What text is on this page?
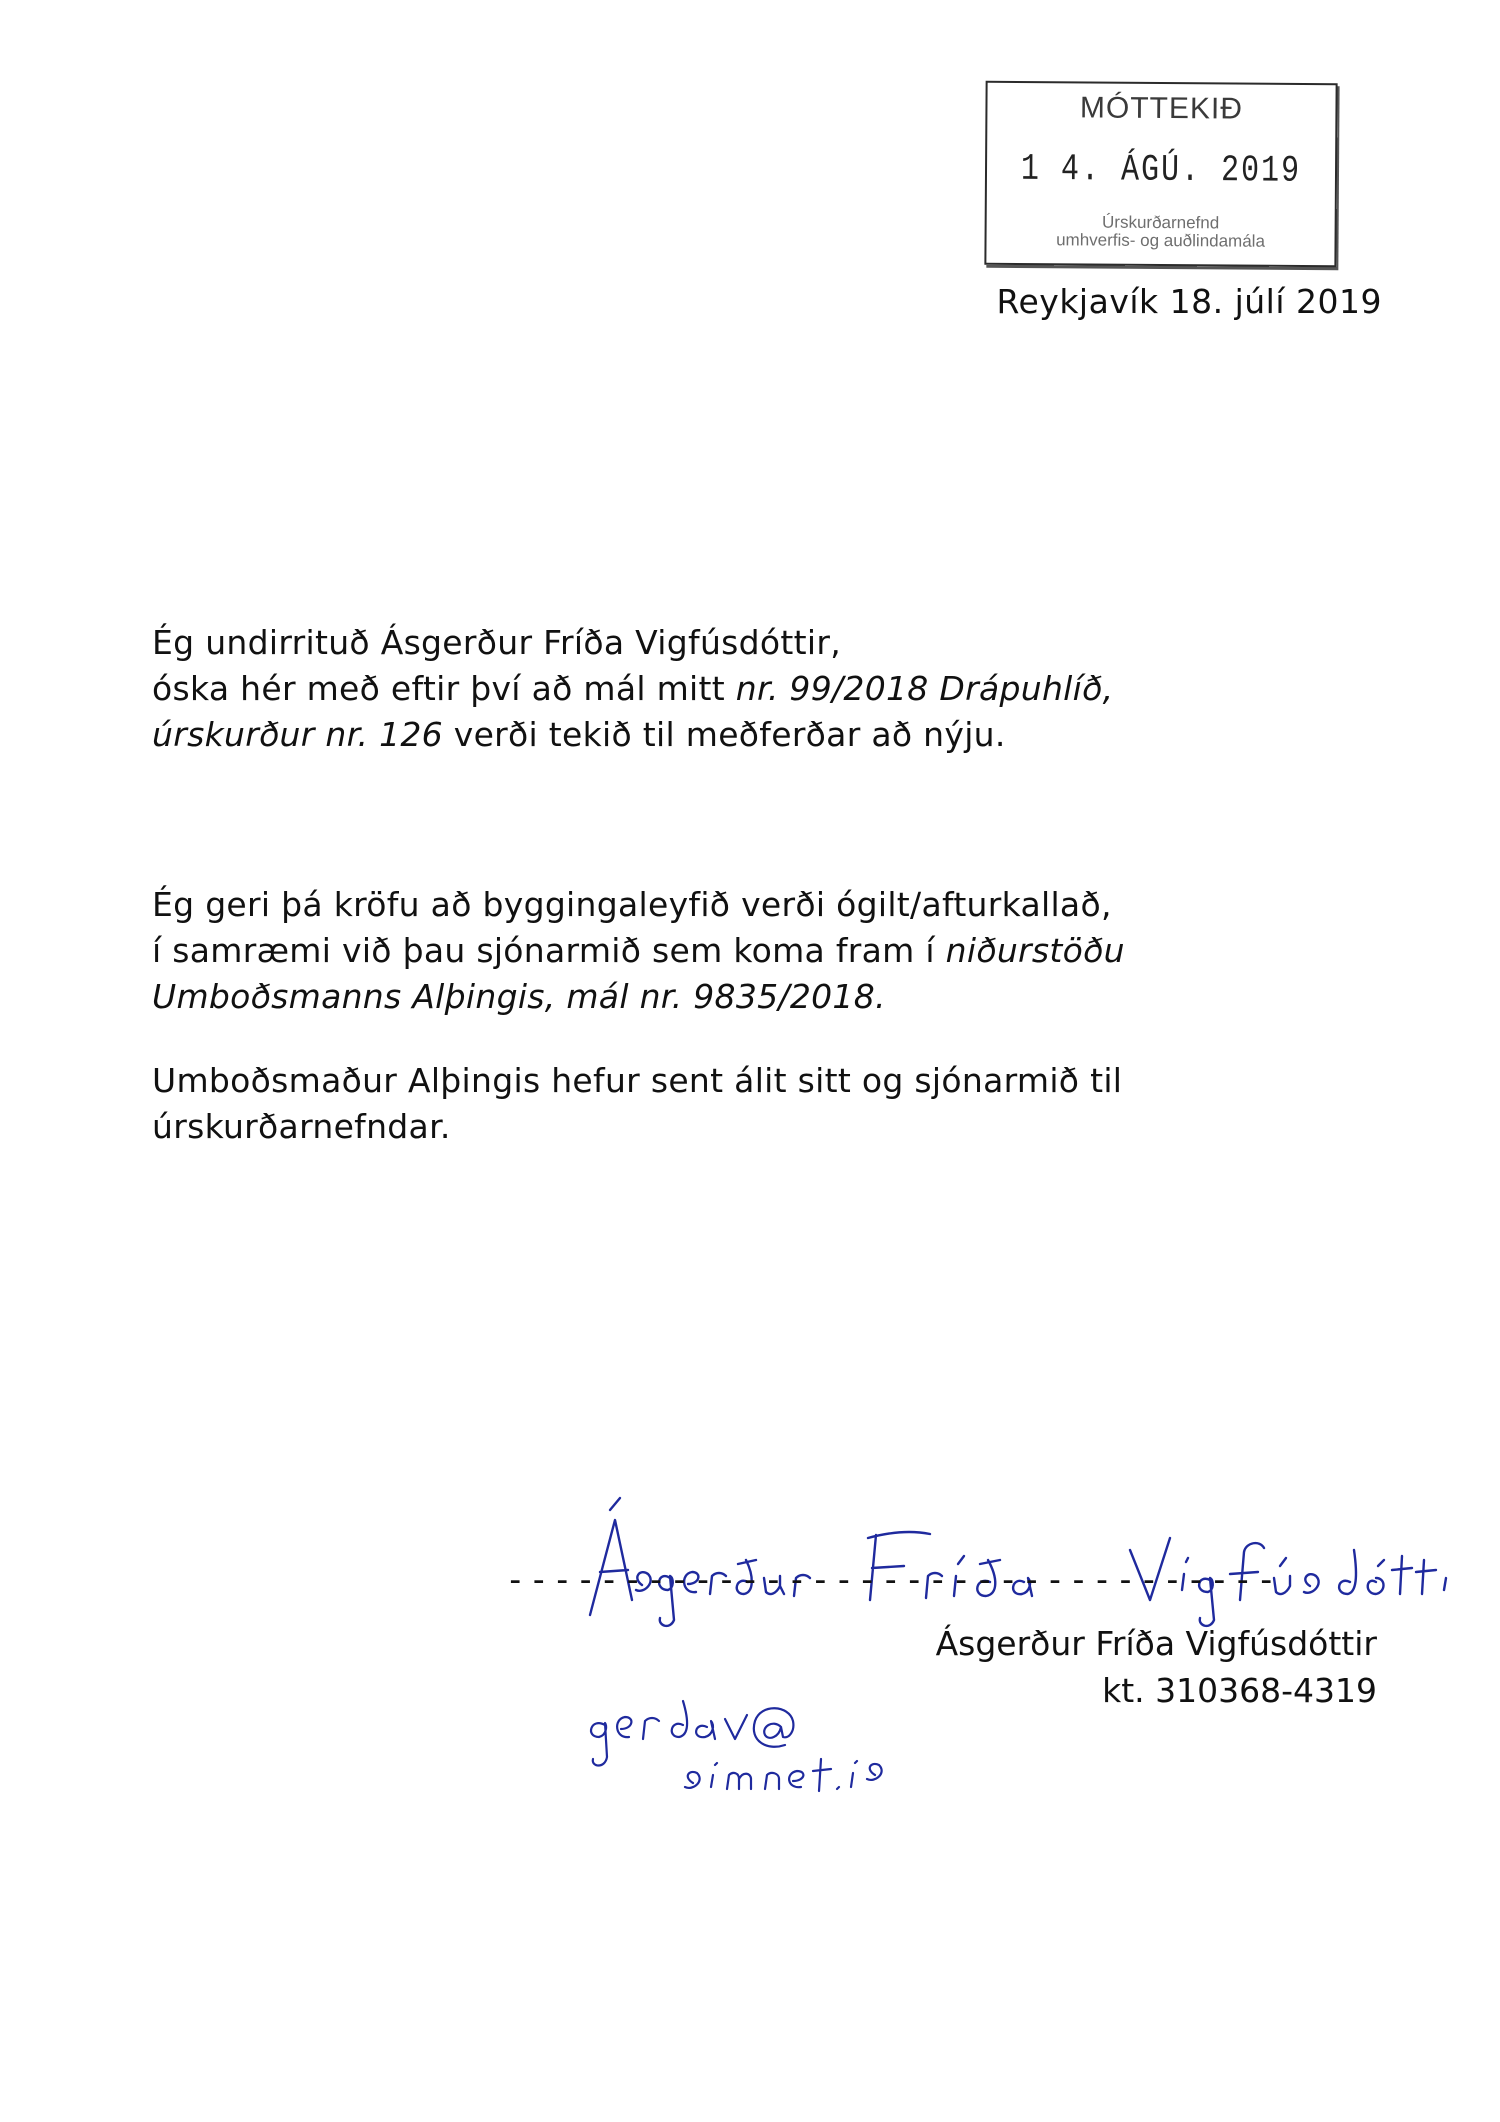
MÓTTEKIÐ
1 4. ÁGÚ. 2019
Úrskurðarnefnd
umhverfis- og auðlindamála
Reykjavík 18. júlí 2019
Ég undirrituð Ásgerður Fríða Vigfúsdóttir,
óska hér með eftir því að mál mitt nr. 99/2018 Drápuhlíð,
úrskurður nr. 126 verði tekið til meðferðar að nýju.
Ég geri þá kröfu að byggingaleyfið verði ógilt/afturkallað,
í samræmi við þau sjónarmið sem koma fram í niðurstöðu
Umboðsmanns Alþingis, mál nr. 9835/2018.
Umboðsmaður Alþingis hefur sent álit sitt og sjónarmið til
úrskurðarnefndar.
---------------------------------
Ásgerður Fríða Vigfúsdóttir
kt. 310368-4319
